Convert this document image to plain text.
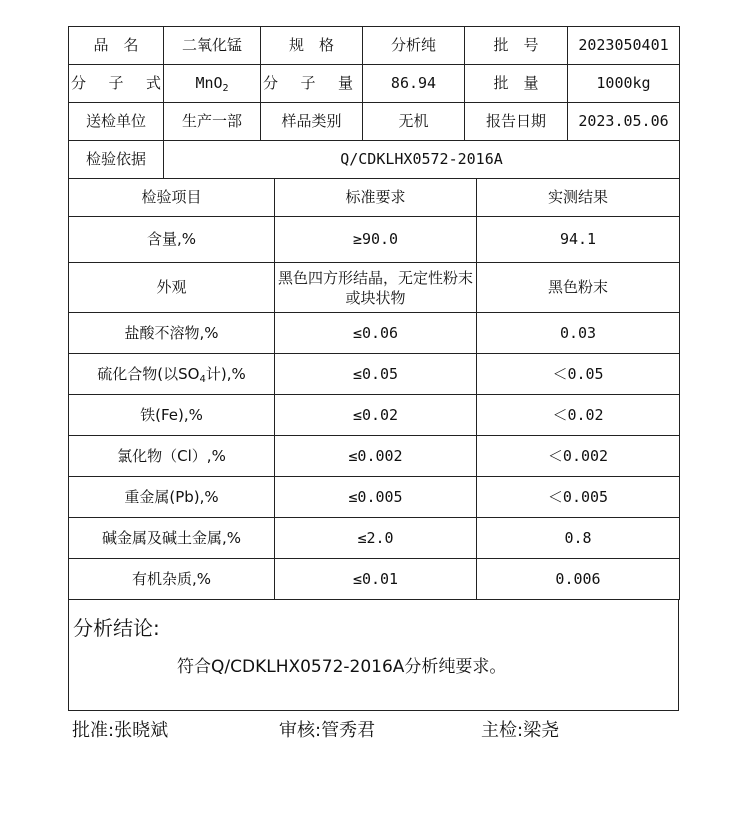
品　名	二氧化锰	规　格	分析纯	批　号	2023050401
分子式	MnO$_2$	分子量	86.94	批　量	1000kg
送检单位	生产一部	样品类别	无机	报告日期	2023.05.06
检验依据	Q/CDKLHX0572-2016A				
检验项目	标准要求	实测结果
含量,%	≥90.0	94.1
外观	黑色四方形结晶，无定性粉末或块状物	黑色粉末
盐酸不溶物,%	≤0.06	0.03
硫化合物(以$SO_4$计),%	≤0.05	＜0.05
铁(Fe),%	≤0.02	＜0.02
氯化物（Cl）,%	≤0.002	＜0.002
重金属(Pb),%	≤0.005	＜0.005
碱金属及碱土金属,%	≤2.0	0.8
有机杂质,%	≤0.01	0.006
分析结论:
符合Q/CDKLHX0572-2016A分析纯要求。
批准:张晓斌	审核:管秀君	主检:梁尧
